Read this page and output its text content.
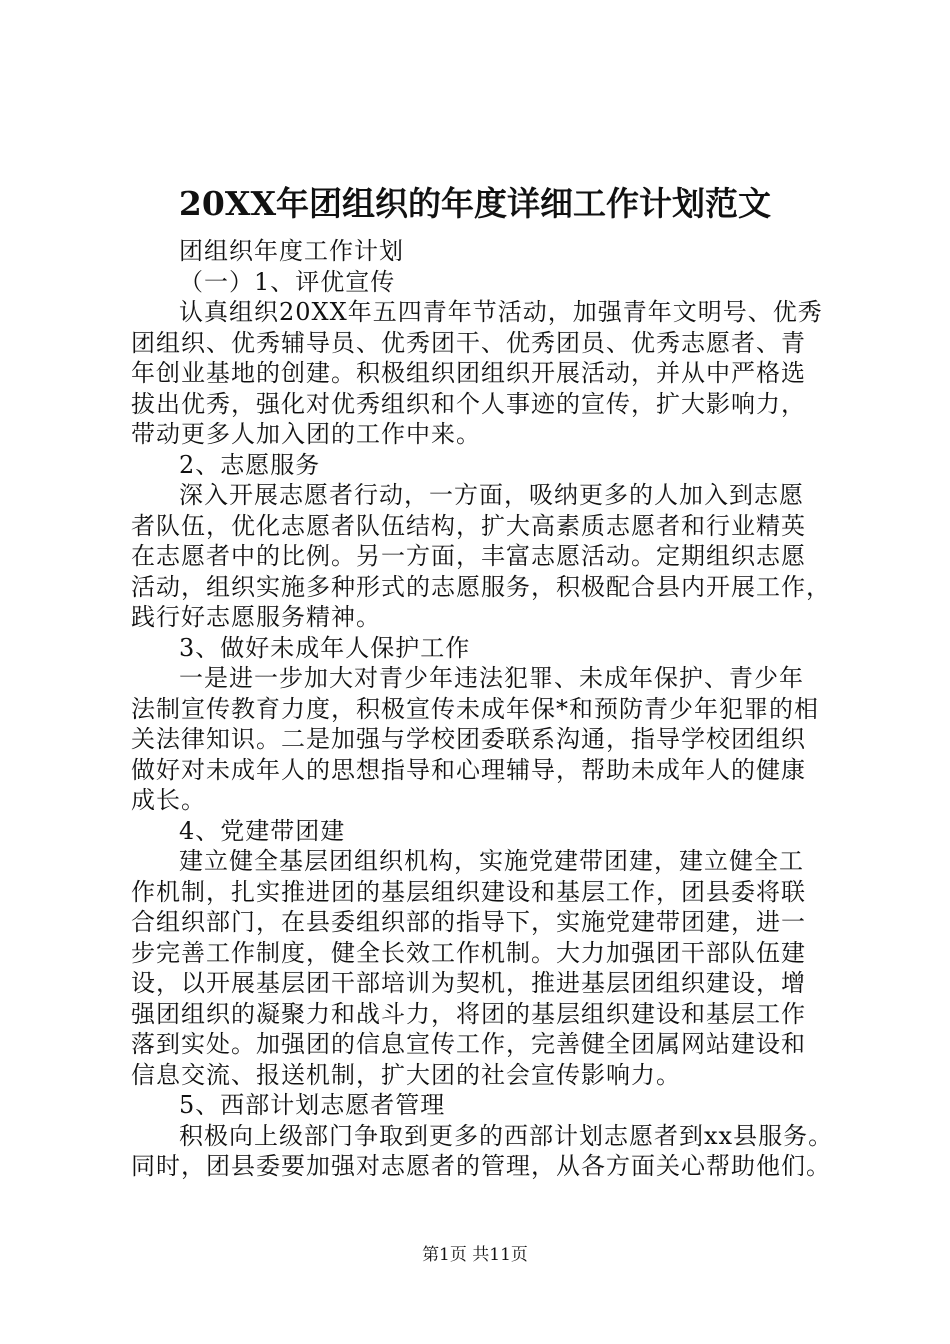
20XX年团组织的年度详细工作计划范文
团组织年度工作计划
（一）1、评优宣传
认真组织20XX年五四青年节活动，加强青年文明号、优秀
团组织、优秀辅导员、优秀团干、优秀团员、优秀志愿者、青
年创业基地的创建。积极组织团组织开展活动，并从中严格选
拔出优秀，强化对优秀组织和个人事迹的宣传，扩大影响力，
带动更多人加入团的工作中来。
2、志愿服务
深入开展志愿者行动，一方面，吸纳更多的人加入到志愿
者队伍，优化志愿者队伍结构，扩大高素质志愿者和行业精英
在志愿者中的比例。另一方面，丰富志愿活动。定期组织志愿
活动，组织实施多种形式的志愿服务，积极配合县内开展工作，
践行好志愿服务精神。
3、做好未成年人保护工作
一是进一步加大对青少年违法犯罪、未成年保护、青少年
法制宣传教育力度，积极宣传未成年保*和预防青少年犯罪的相
关法律知识。二是加强与学校团委联系沟通，指导学校团组织
做好对未成年人的思想指导和心理辅导，帮助未成年人的健康
成长。
4、党建带团建
建立健全基层团组织机构，实施党建带团建，建立健全工
作机制，扎实推进团的基层组织建设和基层工作，团县委将联
合组织部门，在县委组织部的指导下，实施党建带团建，进一
步完善工作制度，健全长效工作机制。大力加强团干部队伍建
设，以开展基层团干部培训为契机，推进基层团组织建设，增
强团组织的凝聚力和战斗力，将团的基层组织建设和基层工作
落到实处。加强团的信息宣传工作，完善健全团属网站建设和
信息交流、报送机制，扩大团的社会宣传影响力。
5、西部计划志愿者管理
积极向上级部门争取到更多的西部计划志愿者到xx县服务。
同时，团县委要加强对志愿者的管理，从各方面关心帮助他们。
第1页 共11页
